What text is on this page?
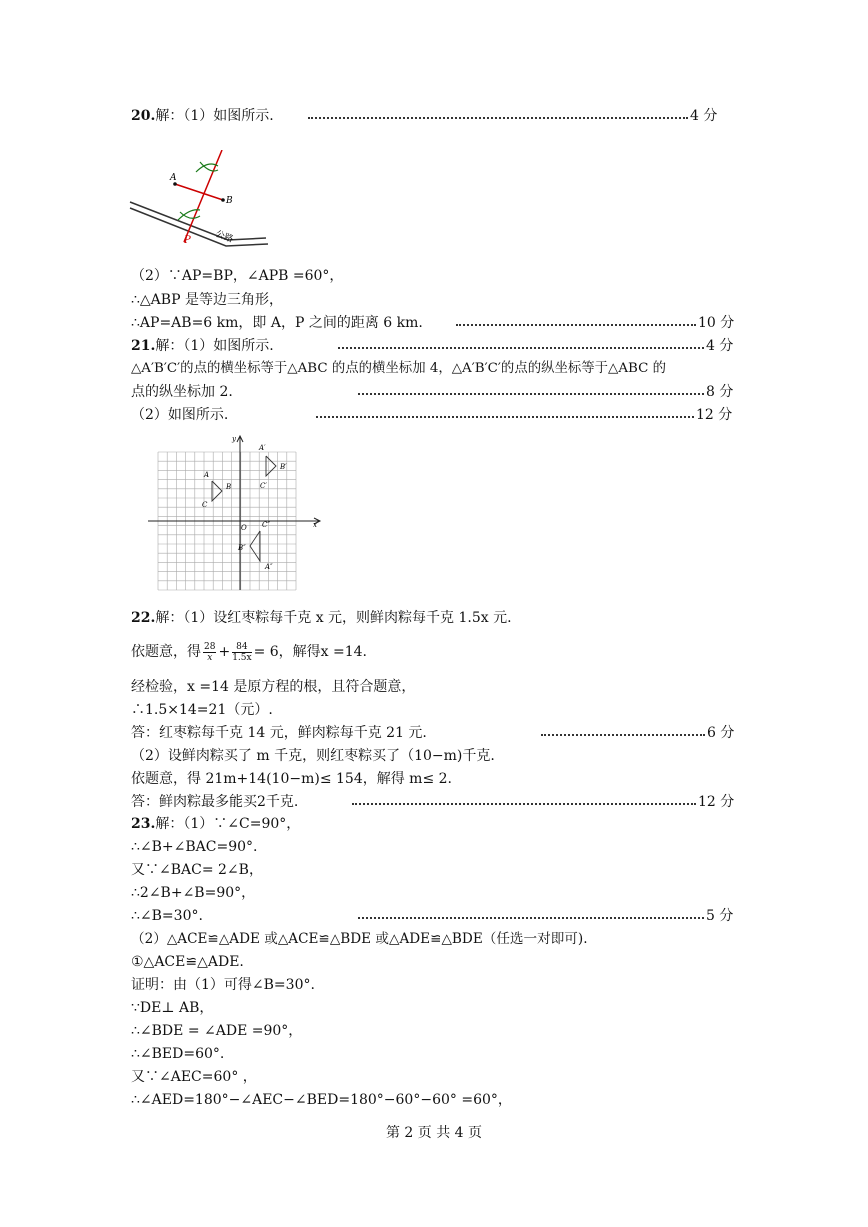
20.解：（1）如图所示.	4 分
A
B
P	公路
（2）∵AP=BP，∠APB =60°，
∴△ABP 是等边三角形，
∴AP=AB=6 km，即 A，P 之间的距离 6 km.	10 分
21.解：（1）如图所示.	4 分
△A′B′C′的点的横坐标等于△ABC 的点的横坐标加 4，△A′B′C′的点的纵坐标等于△ABC 的
点的纵坐标加 2.	8 分
（2）如图所示.	12 分
y
x
O
A
B
C
A′
B′
C′
C″
B″
A″
22.解：（1）设红枣粽每千克 x 元，则鲜肉粽每千克 1.5x 元.
依题意，得 $\frac{28}{x} + \frac{84}{1.5x} = 6$，解得x =14.
经检验，x =14 是原方程的根，且符合题意，
∴1.5×14=21（元）.
答：红枣粽每千克 14 元，鲜肉粽每千克 21 元.	6 分
（2）设鲜肉粽买了 m 千克，则红枣粽买了（10−m)千克.
依题意，得 21m+14(10−m)≤ 154，解得 m≤ 2.
答：鲜肉粽最多能买2千克.	12 分
23.解：（1）∵∠C=90°，
∴∠B+∠BAC=90°.
又∵∠BAC= 2∠B，
∴2∠B+∠B=90°，
∴∠B=30°.	5 分
（2）△ACE≌△ADE 或△ACE≌△BDE 或△ADE≌△BDE（任选一对即可).
①△ACE≌△ADE.
证明：由（1）可得∠B=30°.
∵DE⊥ AB，
∴∠BDE = ∠ADE =90°，
∴∠BED=60°.
又∵∠AEC=60° ，
∴∠AED=180°−∠AEC−∠BED=180°−60°−60° =60°，
第 2 页 共 4 页
